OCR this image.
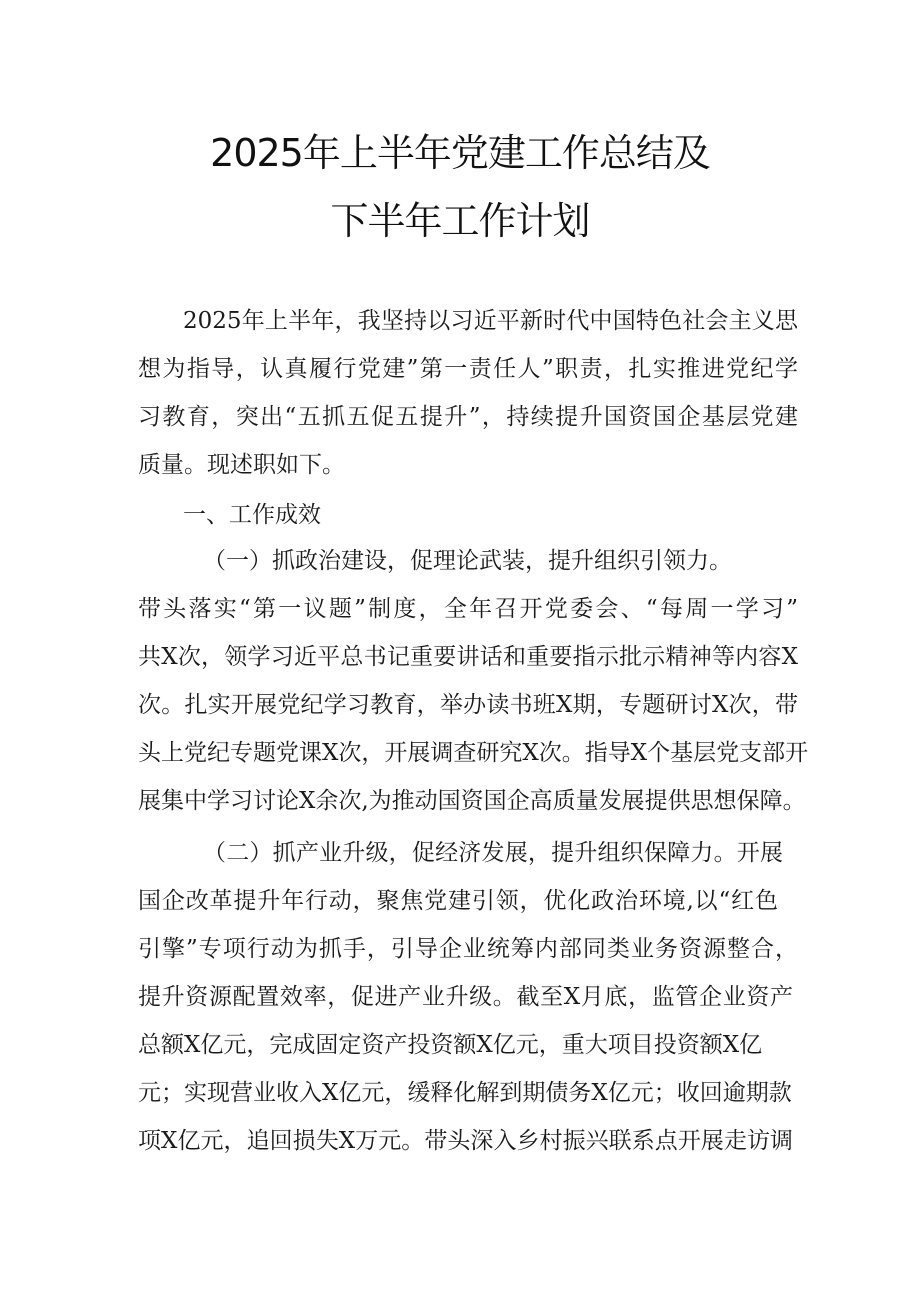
2025年上半年党建工作总结及
下半年工作计划
2025年上半年，我坚持以习近平新时代中国特色社会主义思
想为指导，认真履行党建”第一责任人”职责，扎实推进党纪学
习教育，突出“五抓五促五提升”，持续提升国资国企基层党建
质量。现述职如下。
一、工作成效
（一）抓政治建设，促理论武装，提升组织引领力。
带头落实“第一议题”制度，全年召开党委会、“每周一学习”
共X次，领学习近平总书记重要讲话和重要指示批示精神等内容X
次。扎实开展党纪学习教育，举办读书班X期，专题研讨X次，带
头上党纪专题党课X次，开展调查研究X次。指导X个基层党支部开
展集中学习讨论X余次,为推动国资国企高质量发展提供思想保障。
（二）抓产业升级，促经济发展，提升组织保障力。开展
国企改革提升年行动，聚焦党建引领，优化政治环境,以“红色
引擎”专项行动为抓手，引导企业统筹内部同类业务资源整合，
提升资源配置效率，促进产业升级。截至X月底，监管企业资产
总额X亿元，完成固定资产投资额X亿元，重大项目投资额X亿
元；实现营业收入X亿元，缓释化解到期债务X亿元；收回逾期款
项X亿元，追回损失X万元。带头深入乡村振兴联系点开展走访调
